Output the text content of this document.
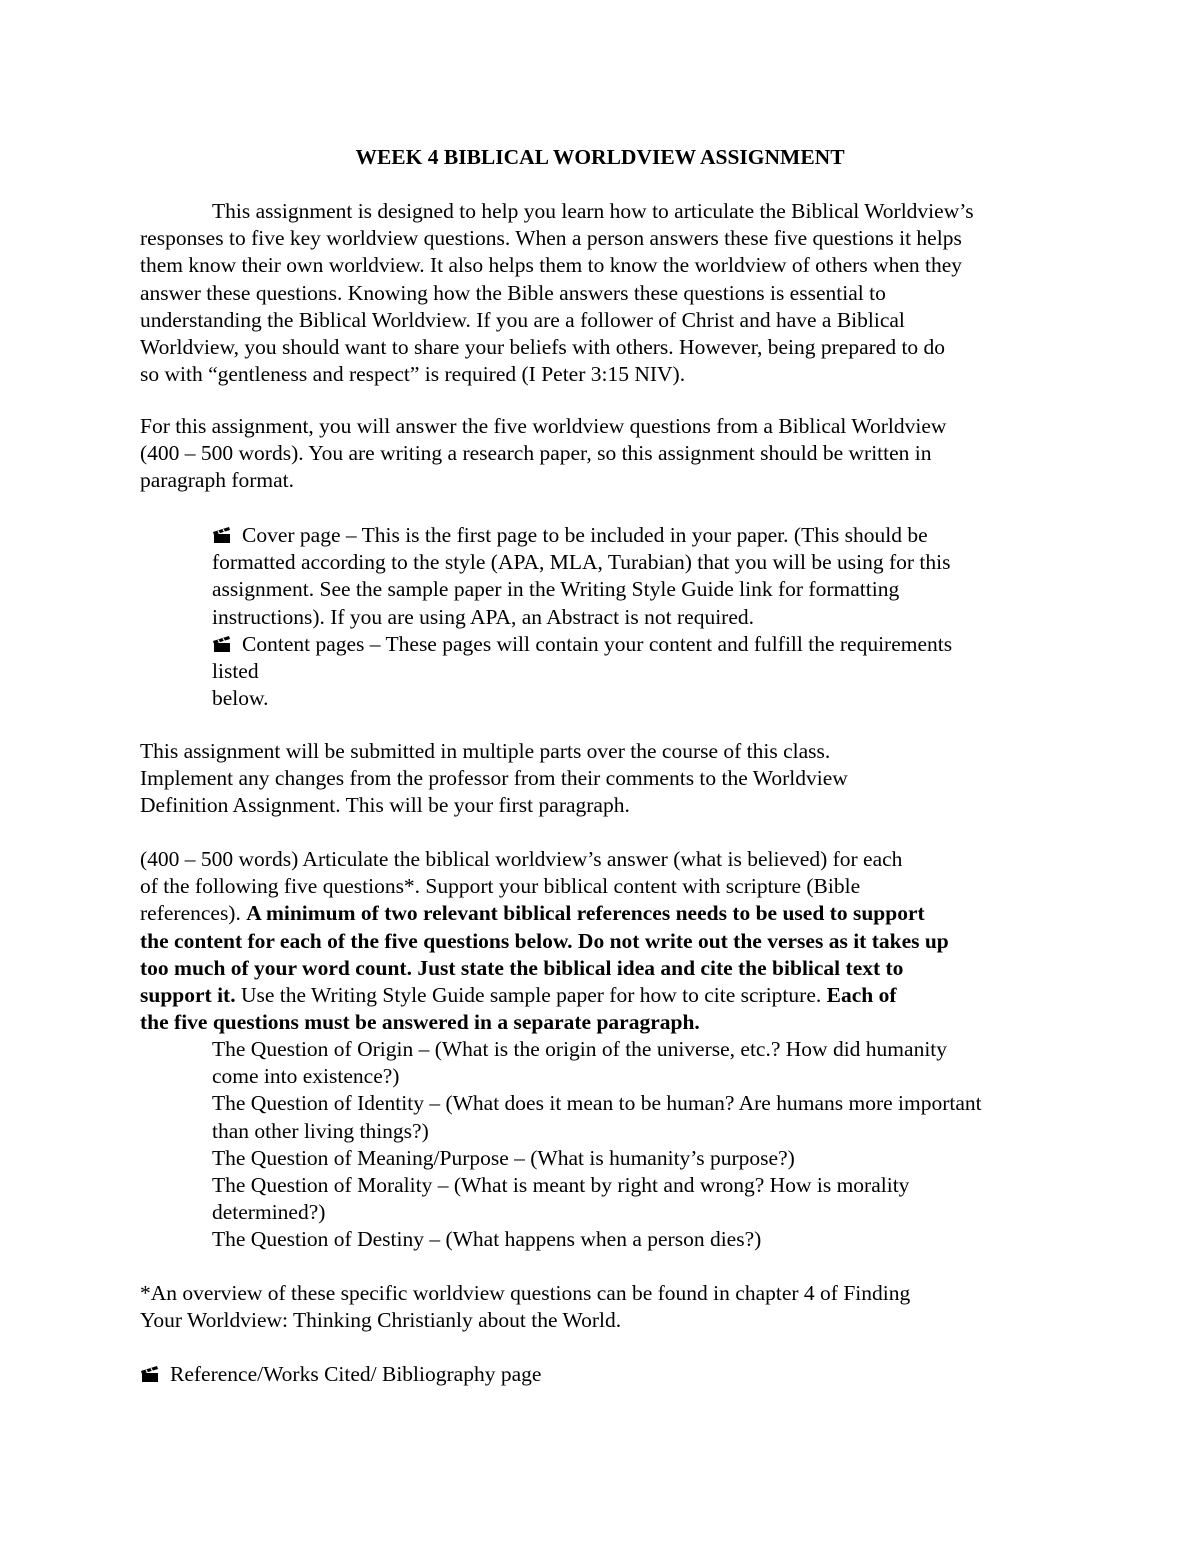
WEEK 4 BIBLICAL WORLDVIEW ASSIGNMENT
This assignment is designed to help you learn how to articulate the Biblical Worldview’s
responses to five key worldview questions. When a person answers these five questions it helps
them know their own worldview. It also helps them to know the worldview of others when they
answer these questions. Knowing how the Bible answers these questions is essential to
understanding the Biblical Worldview. If you are a follower of Christ and have a Biblical
Worldview, you should want to share your beliefs with others. However, being prepared to do
so with “gentleness and respect” is required (I Peter 3:15 NIV).
For this assignment, you will answer the five worldview questions from a Biblical Worldview
(400 – 500 words). You are writing a research paper, so this assignment should be written in
paragraph format.
Cover page – This is the first page to be included in your paper. (This should be
formatted according to the style (APA, MLA, Turabian) that you will be using for this
assignment. See the sample paper in the Writing Style Guide link for formatting
instructions). If you are using APA, an Abstract is not required.
Content pages – These pages will contain your content and fulfill the requirements
listed
below.
This assignment will be submitted in multiple parts over the course of this class.
Implement any changes from the professor from their comments to the Worldview
Definition Assignment. This will be your first paragraph.
(400 – 500 words) Articulate the biblical worldview’s answer (what is believed) for each
of the following five questions*. Support your biblical content with scripture (Bible
references). A minimum of two relevant biblical references needs to be used to support
the content for each of the five questions below. Do not write out the verses as it takes up
too much of your word count. Just state the biblical idea and cite the biblical text to
support it. Use the Writing Style Guide sample paper for how to cite scripture. Each of
the five questions must be answered in a separate paragraph.
The Question of Origin – (What is the origin of the universe, etc.? How did humanity
come into existence?)
The Question of Identity – (What does it mean to be human? Are humans more important
than other living things?)
The Question of Meaning/Purpose – (What is humanity’s purpose?)
The Question of Morality – (What is meant by right and wrong? How is morality
determined?)
The Question of Destiny – (What happens when a person dies?)
*An overview of these specific worldview questions can be found in chapter 4 of Finding
Your Worldview: Thinking Christianly about the World.
Reference/Works Cited/ Bibliography page
